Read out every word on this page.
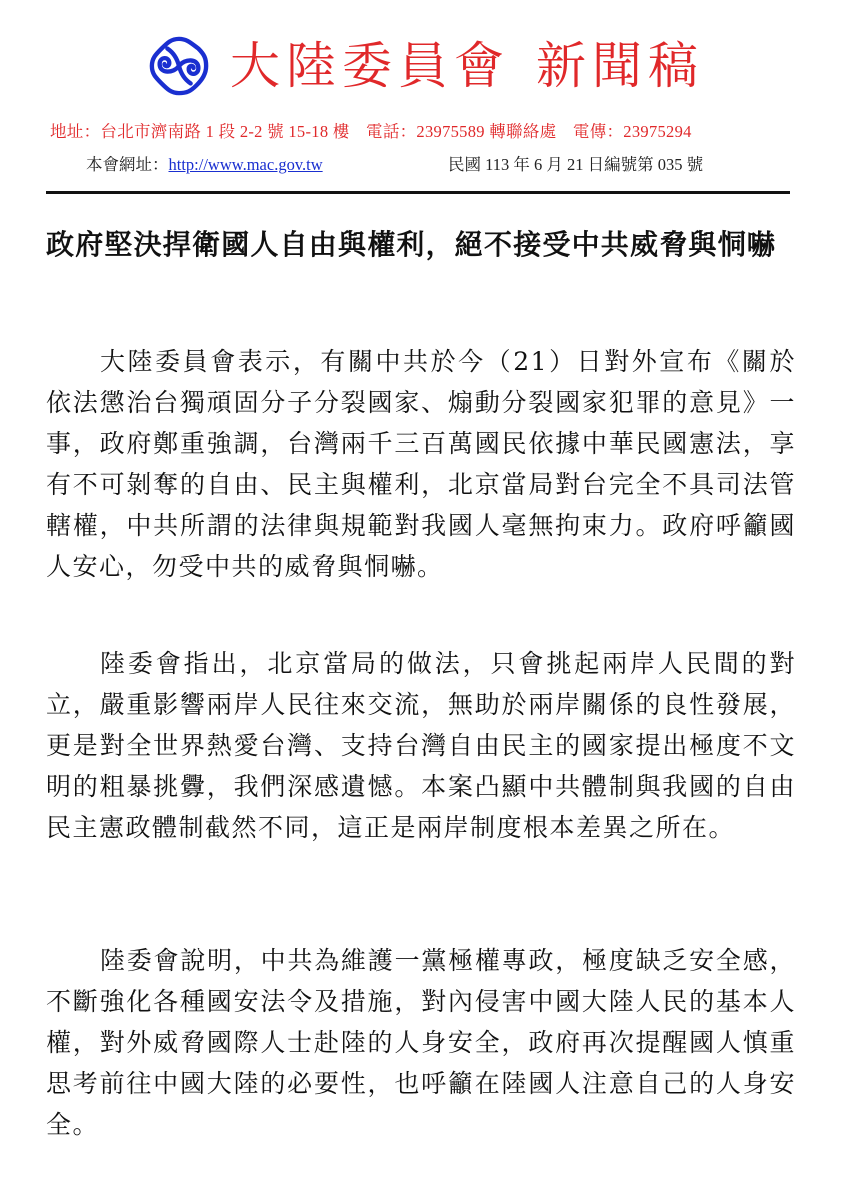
大陸委員會 新聞稿
地址：台北市濟南路 1 段 2-2 號 15-18 樓 電話：23975589 轉聯絡處 電傳：23975294
本會網址：http://www.mac.gov.tw	民國 113 年 6 月 21 日編號第 035 號
政府堅決捍衛國人自由與權利，絕不接受中共威脅與恫嚇
大陸委員會表示，有關中共於今（21）日對外宣布《關於依法懲治台獨頑固分子分裂國家、煽動分裂國家犯罪的意見》一事，政府鄭重強調，台灣兩千三百萬國民依據中華民國憲法，享有不可剝奪的自由、民主與權利，北京當局對台完全不具司法管轄權，中共所謂的法律與規範對我國人毫無拘束力。政府呼籲國人安心，勿受中共的威脅與恫嚇。
陸委會指出，北京當局的做法，只會挑起兩岸人民間的對立，嚴重影響兩岸人民往來交流，無助於兩岸關係的良性發展，更是對全世界熱愛台灣、支持台灣自由民主的國家提出極度不文明的粗暴挑釁，我們深感遺憾。本案凸顯中共體制與我國的自由民主憲政體制截然不同，這正是兩岸制度根本差異之所在。
陸委會說明，中共為維護一黨極權專政，極度缺乏安全感，不斷強化各種國安法令及措施，對內侵害中國大陸人民的基本人權，對外威脅國際人士赴陸的人身安全，政府再次提醒國人慎重思考前往中國大陸的必要性，也呼籲在陸國人注意自己的人身安全。
